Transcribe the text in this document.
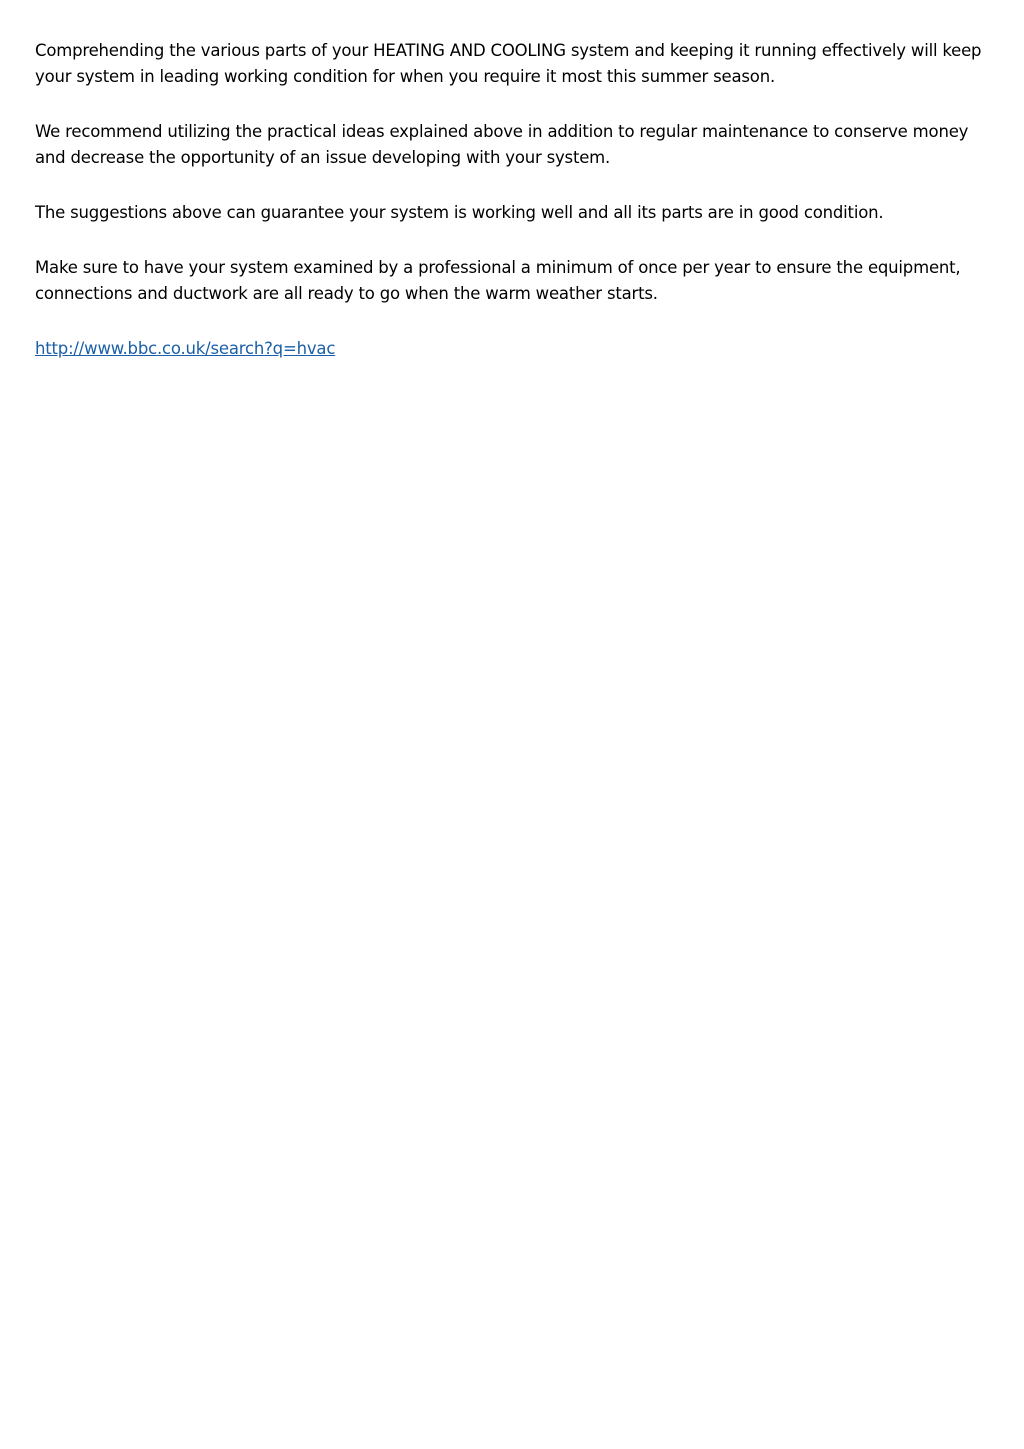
Comprehending the various parts of your HEATING AND COOLING system and keeping it running effectively will keep your system in leading working condition for when you require it most this summer season.

We recommend utilizing the practical ideas explained above in addition to regular maintenance to conserve money and decrease the opportunity of an issue developing with your system.

The suggestions above can guarantee your system is working well and all its parts are in good condition.

Make sure to have your system examined by a professional a minimum of once per year to ensure the equipment, connections and ductwork are all ready to go when the warm weather starts.

http://www.bbc.co.uk/search?q=hvac
